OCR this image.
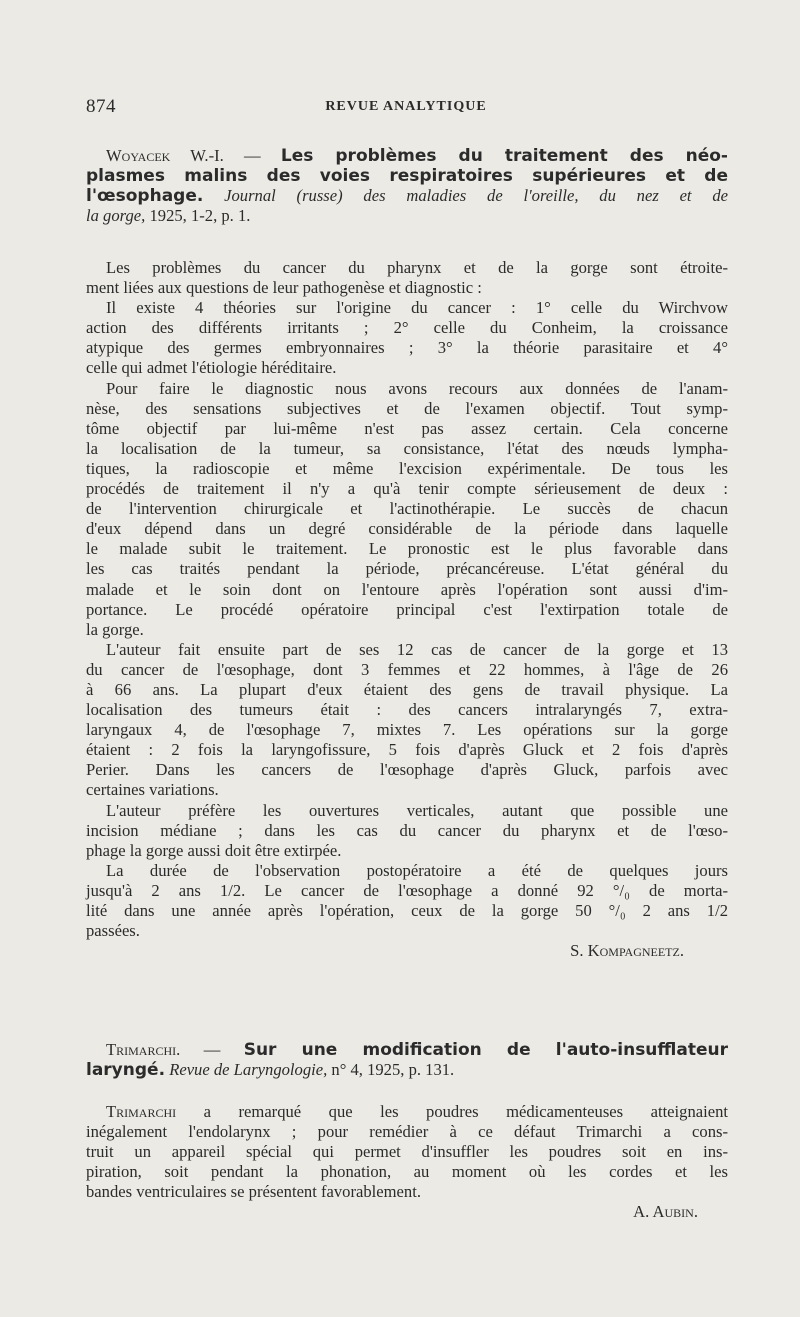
874	REVUE ANALYTIQUE
Woyacek W.-I. — Les problèmes du traitement des néo-
plasmes malins des voies respiratoires supérieures et de
l'œsophage. Journal (russe) des maladies de l'oreille, du nez et de
la gorge, 1925, 1-2, p. 1.
Les problèmes du cancer du pharynx et de la gorge sont étroite-
ment liées aux questions de leur pathogenèse et diagnostic :
Il existe 4 théories sur l'origine du cancer : 1° celle du Wirchvow
action des différents irritants ; 2° celle du Conheim, la croissance
atypique des germes embryonnaires ; 3° la théorie parasitaire et 4°
celle qui admet l'étiologie héréditaire.
Pour faire le diagnostic nous avons recours aux données de l'anam-
nèse, des sensations subjectives et de l'examen objectif. Tout symp-
tôme objectif par lui-même n'est pas assez certain. Cela concerne
la localisation de la tumeur, sa consistance, l'état des nœuds lympha-
tiques, la radioscopie et même l'excision expérimentale. De tous les
procédés de traitement il n'y a qu'à tenir compte sérieusement de deux :
de l'intervention chirurgicale et l'actinothérapie. Le succès de chacun
d'eux dépend dans un degré considérable de la période dans laquelle
le malade subit le traitement. Le pronostic est le plus favorable dans
les cas traités pendant la période, précancéreuse. L'état général du
malade et le soin dont on l'entoure après l'opération sont aussi d'im-
portance. Le procédé opératoire principal c'est l'extirpation totale de
la gorge.
L'auteur fait ensuite part de ses 12 cas de cancer de la gorge et 13
du cancer de l'œsophage, dont 3 femmes et 22 hommes, à l'âge de 26
à 66 ans. La plupart d'eux étaient des gens de travail physique. La
localisation des tumeurs était : des cancers intralaryngés 7, extra-
laryngaux 4, de l'œsophage 7, mixtes 7. Les opérations sur la gorge
étaient : 2 fois la laryngofissure, 5 fois d'après Gluck et 2 fois d'après
Perier. Dans les cancers de l'œsophage d'après Gluck, parfois avec
certaines variations.
L'auteur préfère les ouvertures verticales, autant que possible une
incision médiane ; dans les cas du cancer du pharynx et de l'œso-
phage la gorge aussi doit être extirpée.
La durée de l'observation postopératoire a été de quelques jours
jusqu'à 2 ans 1/2. Le cancer de l'œsophage a donné 92 °/₀ de morta-
lité dans une année après l'opération, ceux de la gorge 50 °/₀ 2 ans 1/2
passées.
S. Kompagneetz.
Trimarchi. — Sur une modification de l'auto-insufflateur
laryngé. Revue de Laryngologie, n° 4, 1925, p. 131.
Trimarchi a remarqué que les poudres médicamenteuses atteignaient
inégalement l'endolarynx ; pour remédier à ce défaut Trimarchi a cons-
truit un appareil spécial qui permet d'insuffler les poudres soit en ins-
piration, soit pendant la phonation, au moment où les cordes et les
bandes ventriculaires se présentent favorablement.
A. Aubin.
